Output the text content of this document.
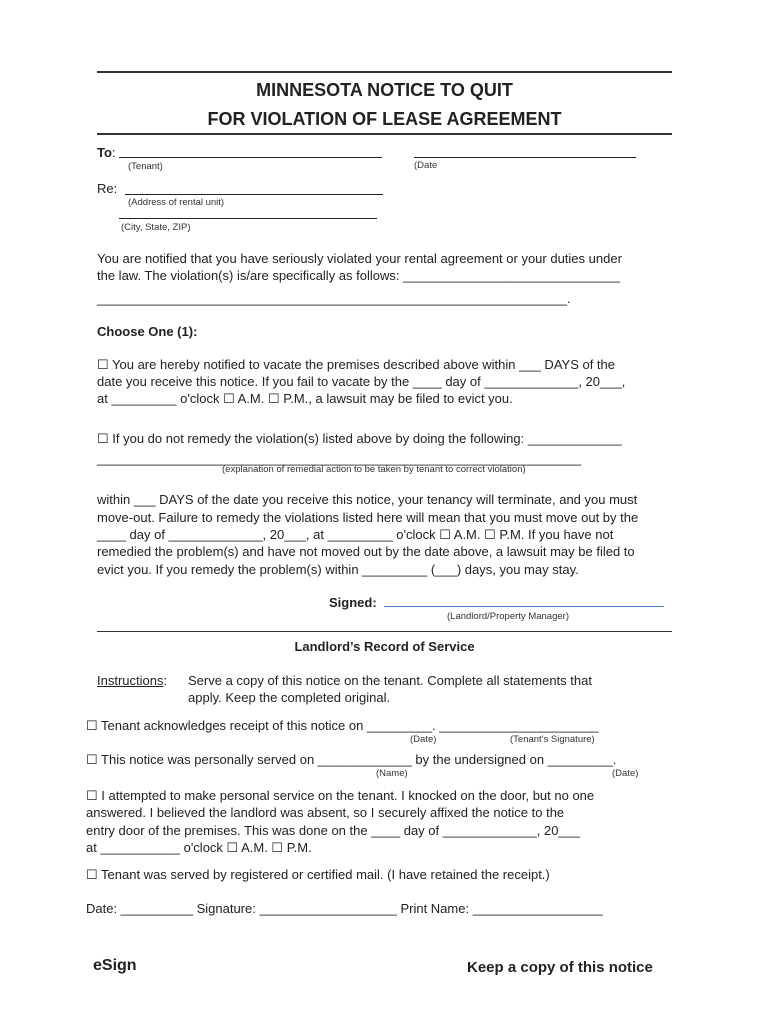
MINNESOTA NOTICE TO QUIT
FOR VIOLATION OF LEASE AGREEMENT
To:
(Tenant)	(Date
Re:
(Address of rental unit)
(City, State, ZIP)
You are notified that you have seriously violated your rental agreement or your duties under
the law. The violation(s) is/are specifically as follows: ______________________________
_________________________________________________________________.
Choose One (1):
☐ You are hereby notified to vacate the premises described above within ___ DAYS of the
date you receive this notice. If you fail to vacate by the ____ day of _____________, 20___,
at _________ o'clock ☐ A.M. ☐ P.M., a lawsuit may be filed to evict you.
☐ If you do not remedy the violation(s) listed above by doing the following: _____________
___________________________________________________________________
(explanation of remedial action to be taken by tenant to correct violation)
within ___ DAYS of the date you receive this notice, your tenancy will terminate, and you must
move-out. Failure to remedy the violations listed here will mean that you must move out by the
____ day of _____________, 20___, at _________ o'clock ☐ A.M. ☐ P.M. If you have not
remedied the problem(s) and have not moved out by the date above, a lawsuit may be filed to
evict you. If you remedy the problem(s) within _________ (___) days, you may stay.
Signed:
(Landlord/Property Manager)
Landlord’s Record of Service
Instructions: Serve a copy of this notice on the tenant. Complete all statements that
apply. Keep the completed original.
☐ Tenant acknowledges receipt of this notice on _________. ______________________
(Date)	(Tenant's Signature)
☐ This notice was personally served on _____________ by the undersigned on _________.
(Name)	(Date)
☐ I attempted to make personal service on the tenant. I knocked on the door, but no one
answered. I believed the landlord was absent, so I securely affixed the notice to the
entry door of the premises. This was done on the ____ day of _____________, 20___
at ___________ o'clock ☐ A.M. ☐ P.M.
☐ Tenant was served by registered or certified mail. (I have retained the receipt.)
Date: __________ Signature: ___________________ Print Name: __________________
eSign	Keep a copy of this notice
